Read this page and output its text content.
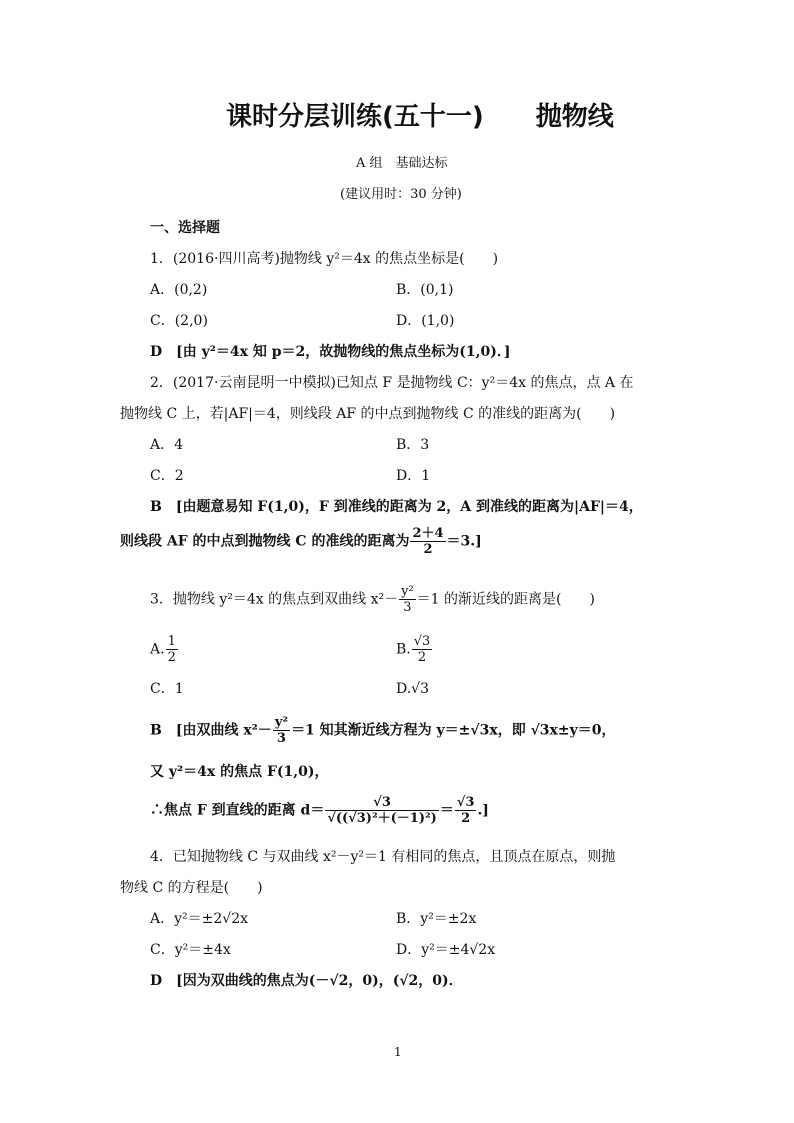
课时分层训练(五十一)　　抛物线
A 组　基础达标
(建议用时：30 分钟)
一、选择题
1．(2016·四川高考)抛物线 y²＝4x 的焦点坐标是(　　)
A．(0,2)	B．(0,1)
C．(2,0)	D．(1,0)
D　[由 y²＝4x 知 p＝2，故抛物线的焦点坐标为(1,0)．]
2．(2017·云南昆明一中模拟)已知点 F 是抛物线 C：y²＝4x 的焦点，点 A 在
抛物线 C 上，若|AF|＝4，则线段 AF 的中点到抛物线 C 的准线的距离为(　　)
A．4	B．3
C．2	D．1
B　[由题意易知 F(1,0)，F 到准线的距离为 2，A 到准线的距离为|AF|＝4，
则线段 AF 的中点到抛物线 C 的准线的距离为 $\frac{2+4}{2} =3$.]
3．抛物线 y²＝4x 的焦点到双曲线 $x^2- \frac{\text{y²}}{3} =1$ 的渐近线的距离是(　　)
A. $\frac{1}{2}$	B. $\frac{√3}{2}$
C．1	D.√3
B　[由双曲线 $x^2- \frac{\text{y²}}{3} =1$ 知其渐近线方程为 y＝±√3x，即 √3x±y＝0，
又 y²＝4x 的焦点 F(1,0)，
∴焦点 F 到直线的距离 $d= \frac{√3}{\text{√((√3)²＋(－1)²)}} = \frac{√3}{2}$ .]
4．已知抛物线 C 与双曲线 x²－y²＝1 有相同的焦点，且顶点在原点，则抛
物线 C 的方程是(　　)
A．y²＝±2√2x	B．y²＝±2x
C．y²＝±4x	D．y²＝±4√2x
D　[因为双曲线的焦点为(－√2，0)，(√2，0)．
1
